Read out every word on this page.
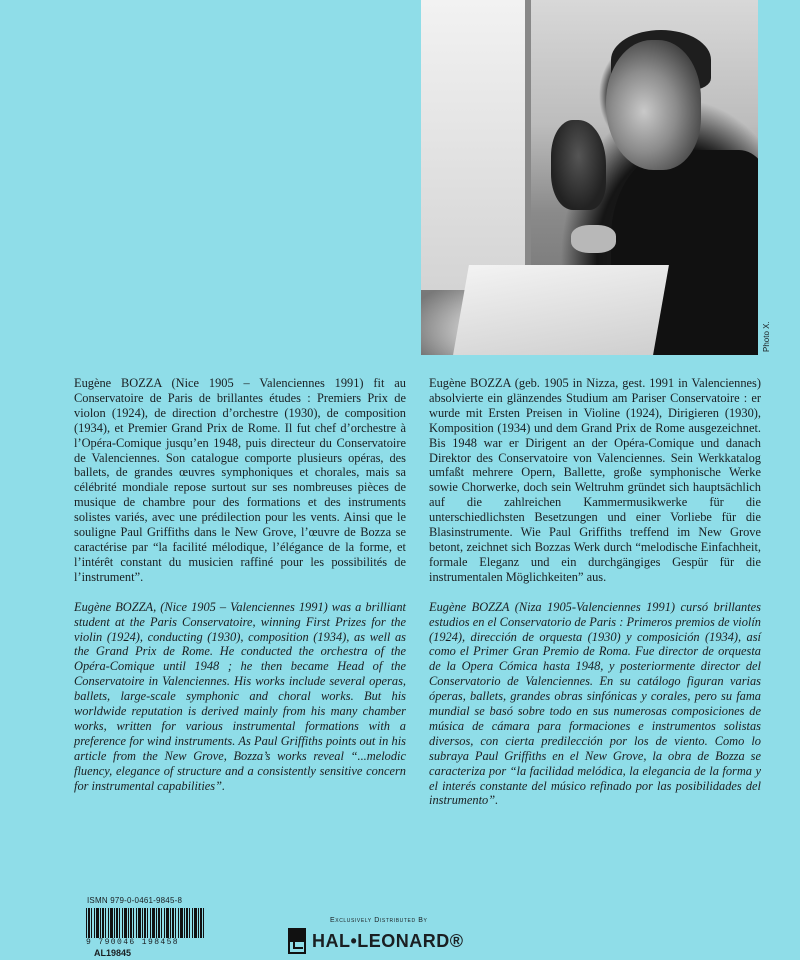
Photo X.

Eugène BOZZA (Nice 1905 – Valenciennes 1991) fit au Conservatoire de Paris de brillantes études : Premiers Prix de violon (1924), de direction d’orchestre (1930), de composition (1934), et Premier Grand Prix de Rome. Il fut chef d’orchestre à l’Opéra-Comique jusqu’en 1948, puis directeur du Conservatoire de Valenciennes. Son catalogue comporte plusieurs opéras, des ballets, de grandes œuvres symphoniques et chorales, mais sa célébrité mondiale repose surtout sur ses nombreuses pièces de musique de chambre pour des formations et des instruments solistes variés, avec une prédilection pour les vents. Ainsi que le souligne Paul Griffiths dans le New Grove, l’œuvre de Bozza se caractérise par “la facilité mélodique, l’élégance de la forme, et l’intérêt constant du musicien raffiné pour les possibilités de l’instrument”.

Eugène BOZZA, (Nice 1905 – Valenciennes 1991) was a brilliant student at the Paris Conservatoire, winning First Prizes for the violin (1924), conducting (1930), composition (1934), as well as the Grand Prix de Rome. He conducted the orchestra of the Opéra-Comique until 1948 ; he then became Head of the Conservatoire in Valenciennes. His works include several operas, ballets, large-scale symphonic and choral works. But his worldwide reputation is derived mainly from his many chamber works, written for various instrumental formations with a preference for wind instruments. As Paul Griffiths points out in his article from the New Grove, Bozza’s works reveal “...melodic fluency, elegance of structure and a consistently sensitive concern for instrumental capabilities”.

Eugène BOZZA (geb. 1905 in Nizza, gest. 1991 in Valenciennes) absolvierte ein glänzendes Studium am Pariser Conservatoire : er wurde mit Ersten Preisen in Violine (1924), Dirigieren (1930), Komposition (1934) und dem Grand Prix de Rome ausgezeichnet. Bis 1948 war er Dirigent an der Opéra-Comique und danach Direktor des Conservatoire von Valenciennes. Sein Werkkatalog umfaßt mehrere Opern, Ballette, große symphonische Werke sowie Chorwerke, doch sein Weltruhm gründet sich hauptsächlich auf die zahlreichen Kammermusikwerke für die unterschiedlichsten Besetzungen und einer Vorliebe für die Blasinstrumente. Wie Paul Griffiths treffend im New Grove betont, zeichnet sich Bozzas Werk durch “melodische Einfachheit, formale Eleganz und ein durchgängiges Gespür für die instrumentalen Möglichkeiten” aus.

Eugène BOZZA (Niza 1905-Valenciennes 1991) cursó brillantes estudios en el Conservatorio de Paris : Primeros premios de violín (1924), dirección de orquesta (1930) y composición (1934), así como el Primer Gran Premio de Roma. Fue director de orquesta de la Opera Cómica hasta 1948, y posteriormente director del Conservatorio de Valenciennes. En su catálogo figuran varias óperas, ballets, grandes obras sinfónicas y corales, pero su fama mundial se basó sobre todo en sus numerosas composiciones de música de cámara para formaciones e instrumentos solistas diversos, con cierta predilección por los de viento. Como lo subraya Paul Griffiths en el New Grove, la obra de Bozza se caracteriza por “la facilidad melódica, la elegancia de la forma y el interés constante del músico refinado por las posibilidades del instrumento”.

ISMN 979-0-0461-9845-8
9 790046 198458
AL19845
Exclusively Distributed By
HAL•LEONARD®
